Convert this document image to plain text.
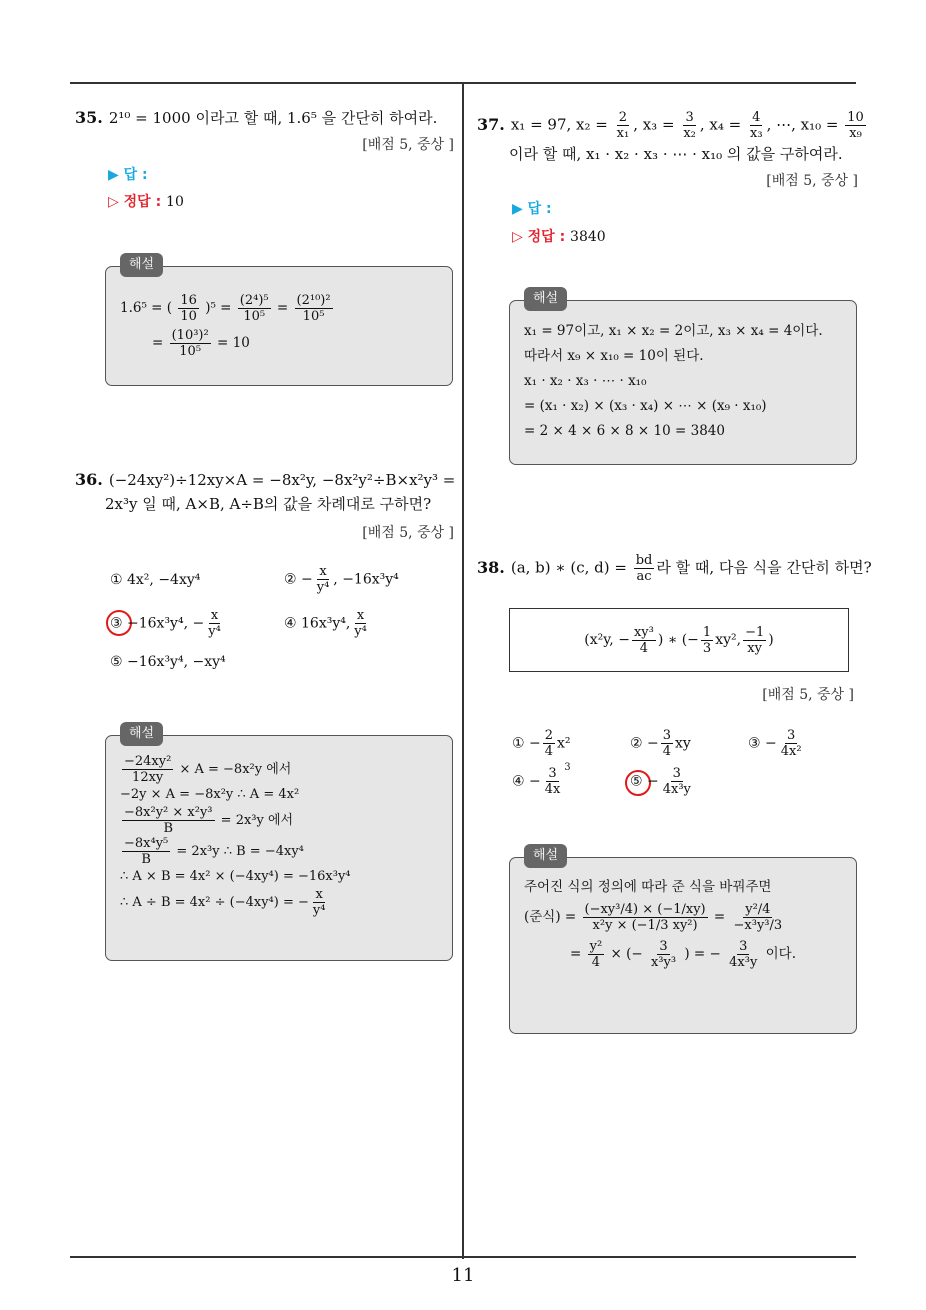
35. 2¹⁰ = 1000 이라고 할 때, 1.6⁵ 을 간단히 하여라.
[배점 5, 중상 ]
▶ 답 :
▷ 정답 : 10
해설
1.6⁵ = ( $\frac{16}{10} )^5 = \frac{\text{(2⁴)⁵}}{\text{10⁵}} = \frac{\text{(2¹⁰)²}}{\text{10⁵}}$
= $\frac{\text{(10³)²}}{\text{10⁵}} = 10$
36. (−24xy²)÷12xy×A = −8x²y, −8x²y²÷B×x²y³ =
2x³y 일 때, A×B, A÷B의 값을 차례대로 구하면?
[배점 5, 중상 ]
① 4x², −4xy⁴	② − $\frac{x}{\text{y⁴}}$ , −16x³y⁴
③ −16x³y⁴, − $\frac{x}{\text{y⁴}}$	④ 16x³y⁴, $\frac{x}{\text{y⁴}}$
⑤ −16x³y⁴, −xy⁴
해설
$\frac{\text{−24xy²}}{12xy} \times A = -8x^2y$ 에서
−2y × A = −8x²y ∴ A = 4x²
$\frac{\text{−8x²y² × x²y³}}{B} = 2x^3y$ 에서
$\frac{\text{−8x⁴y⁵}}{B} = 2x^3y$ ∴ B = −4xy⁴
∴ A × B = 4x² × (−4xy⁴) = −16x³y⁴
∴ A ÷ B = 4x² ÷ (−4xy⁴) = − $\frac{x}{\text{y⁴}}$
37. x₁ = 97, $x_2 = \frac{2}{\text{x₁}}$ , $x_3 = \frac{3}{\text{x₂}}$ , $x_4 = \frac{4}{\text{x₃}}$ , ⋯, $x_{10} = \frac{10}{\text{x₉}}$
이라 할 때, x₁ · x₂ · x₃ · ⋯ · x₁₀ 의 값을 구하여라.
[배점 5, 중상 ]
▶ 답 :
▷ 정답 : 3840
해설
x₁ = 97이고, x₁ × x₂ = 2이고, x₃ × x₄ = 4이다.
따라서 x₉ × x₁₀ = 10이 된다.
x₁ · x₂ · x₃ · ⋯ · x₁₀
= (x₁ · x₂) × (x₃ · x₄) × ⋯ × (x₉ · x₁₀)
= 2 × 4 × 6 × 8 × 10 = 3840
38. (a, b) ∗ (c, $d) = \frac{bd}{ac}$ 라 할 때, 다음 식을 간단히 하면?
(x²y, − $\frac{\text{xy³}}{4}$ ) ∗ (− $\frac{1}{3} xy^2$, $\frac{-1}{xy}$ )
[배점 5, 중상 ]
① − $\frac{2}{4} x^2$	② − $\frac{3}{4}$ xy	③ − $\frac{3}{\text{4x²}}$
④ − $\frac{3}{4x} ^3$
⑤ − $\frac{3}{\text{4x³y}}$
해설
주어진 식의 정의에 따라 준 식을 바꿔주면
(준식) = $\frac{\text{(−xy³/4) × (−1/xy)}}{\text{x²y × (−1/3 xy²)}} = \frac{\text{y²/4}}{\text{−x³y³/3}}$
= $\frac{\text{y²}}{4}$ × (− $\frac{3}{\text{x³y³}}$ ) = − $\frac{3}{\text{4x³y}}$ 이다.
11
